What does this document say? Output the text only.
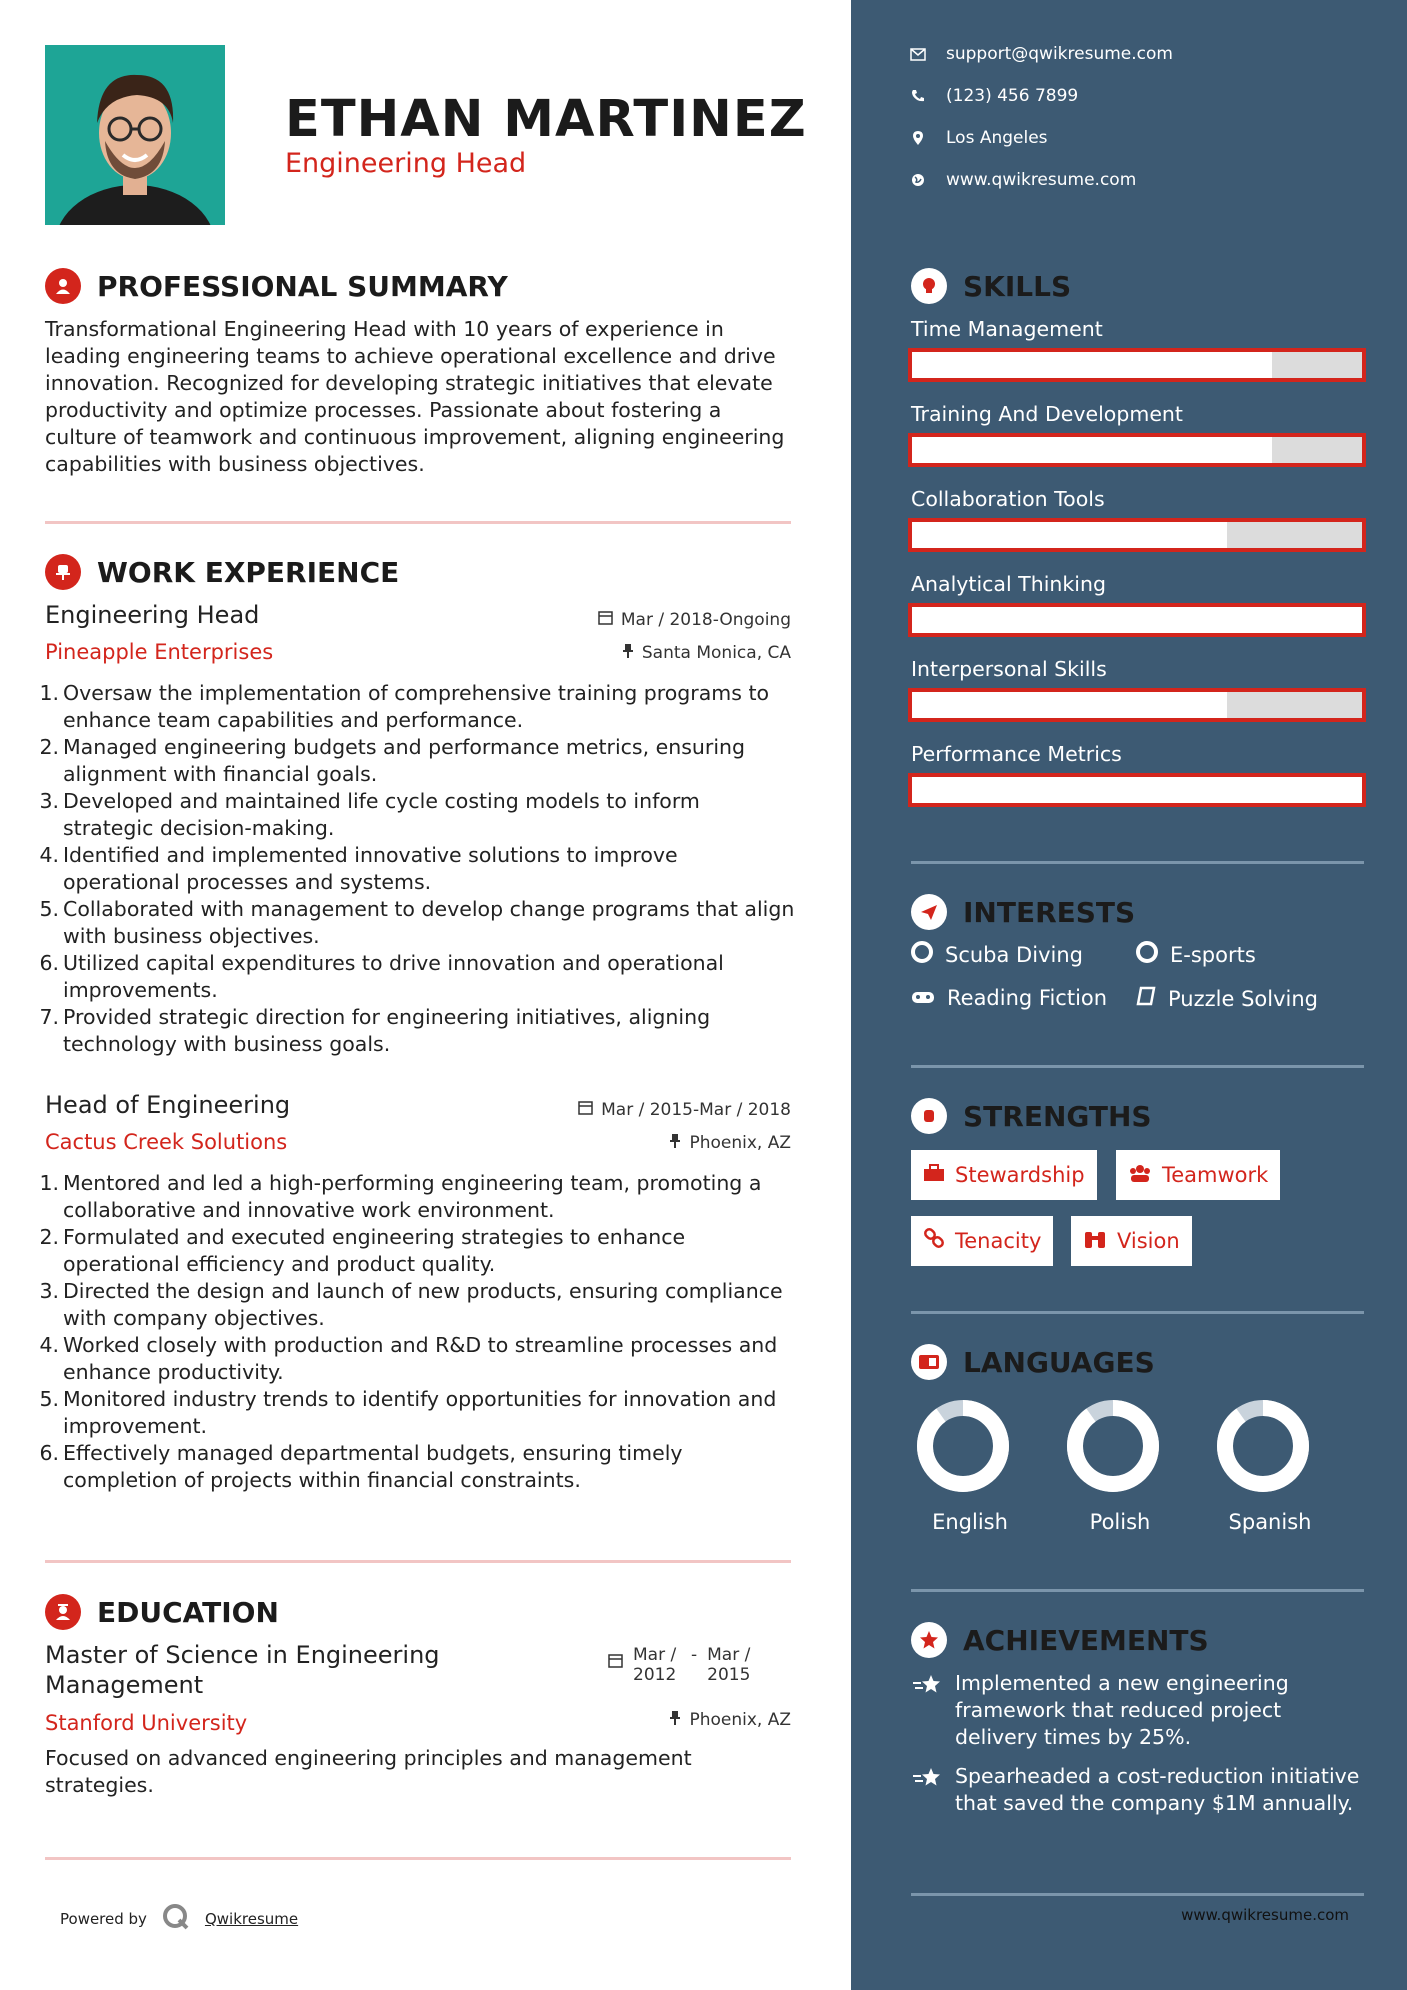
ETHAN MARTINEZ
Engineering Head
PROFESSIONAL SUMMARY
Transformational Engineering Head with 10 years of experience in leading engineering teams to achieve operational excellence and drive innovation. Recognized for developing strategic initiatives that elevate productivity and optimize processes. Passionate about fostering a culture of teamwork and continuous improvement, aligning engineering capabilities with business objectives.
WORK EXPERIENCE
Engineering Head	Mar / 2018-Ongoing
Pineapple Enterprises	Santa Monica, CA
1. Oversaw the implementation of comprehensive training programs to enhance team capabilities and performance.
2. Managed engineering budgets and performance metrics, ensuring alignment with financial goals.
3. Developed and maintained life cycle costing models to inform strategic decision-making.
4. Identified and implemented innovative solutions to improve operational processes and systems.
5. Collaborated with management to develop change programs that align with business objectives.
6. Utilized capital expenditures to drive innovation and operational improvements.
7. Provided strategic direction for engineering initiatives, aligning technology with business goals.
Head of Engineering	Mar / 2015-Mar / 2018
Cactus Creek Solutions	Phoenix, AZ
1. Mentored and led a high-performing engineering team, promoting a collaborative and innovative work environment.
2. Formulated and executed engineering strategies to enhance operational efficiency and product quality.
3. Directed the design and launch of new products, ensuring compliance with company objectives.
4. Worked closely with production and R&D to streamline processes and enhance productivity.
5. Monitored industry trends to identify opportunities for innovation and improvement.
6. Effectively managed departmental budgets, ensuring timely completion of projects within financial constraints.
EDUCATION
Master of Science in Engineering Management
Mar / 2012
- Mar / 2015
Stanford University	Phoenix, AZ
Focused on advanced engineering principles and management strategies.
Powered by	Qwikresume
support@qwikresume.com
(123) 456 7899
Los Angeles
www.qwikresume.com
SKILLS
Time Management
Training And Development
Collaboration Tools
Analytical Thinking
Interpersonal Skills
Performance Metrics
INTERESTS
Scuba Diving	E-sports
Reading Fiction	Puzzle Solving
STRENGTHS
Stewardship	Teamwork
Tenacity	Vision
LANGUAGES
English	Polish	Spanish
ACHIEVEMENTS
Implemented a new engineering framework that reduced project delivery times by 25%.
Spearheaded a cost-reduction initiative that saved the company $1M annually.
www.qwikresume.com
